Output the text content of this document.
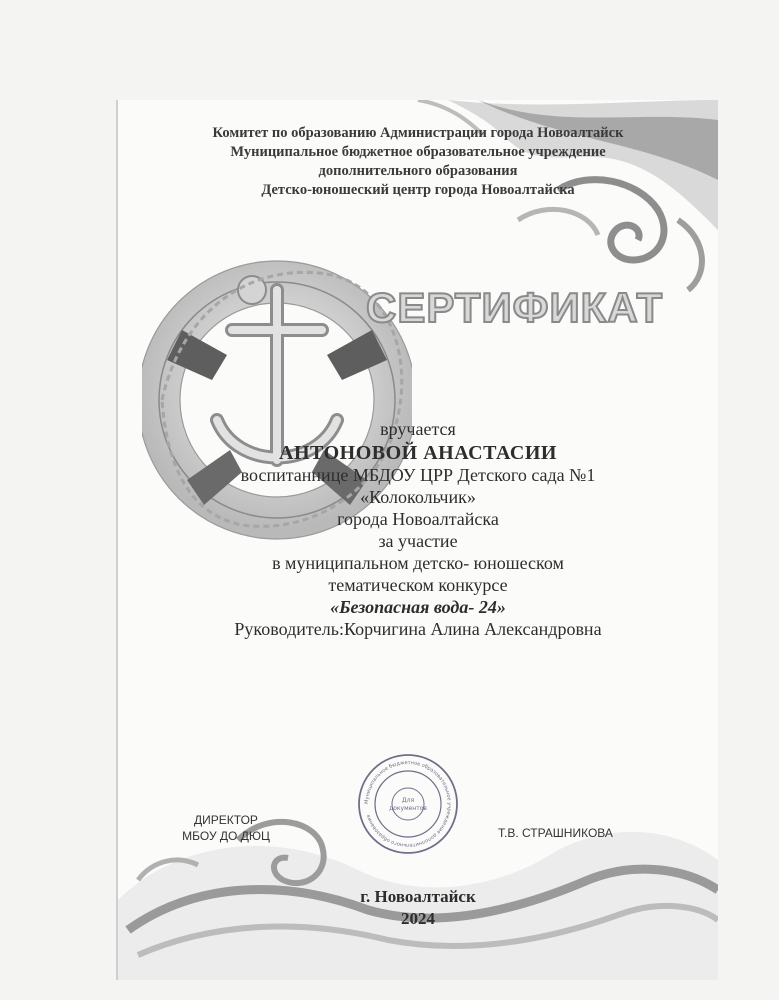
Комитет по образованию Администрации города Новоалтайск
Муниципальное бюджетное образовательное учреждение
дополнительного образования
Детско-юношеский центр города Новоалтайска
СЕРТИФИКАТ
вручается
АНТОНОВОЙ АНАСТАСИИ
воспитаннице МБДОУ ЦРР Детского сада №1
«Колокольчик»
города Новоалтайска
за участие
в муниципальном детско- юношеском
тематическом конкурсе
«Безопасная вода- 24»
Руководитель:Корчигина Алина Александровна
ДИРЕКТОР
МБОУ ДО ДЮЦ
Муниципальное бюджетное образовательное учреждение дополнительного образования
Для
документов
Т.В. СТРАШНИКОВА
г. Новоалтайск
2024
